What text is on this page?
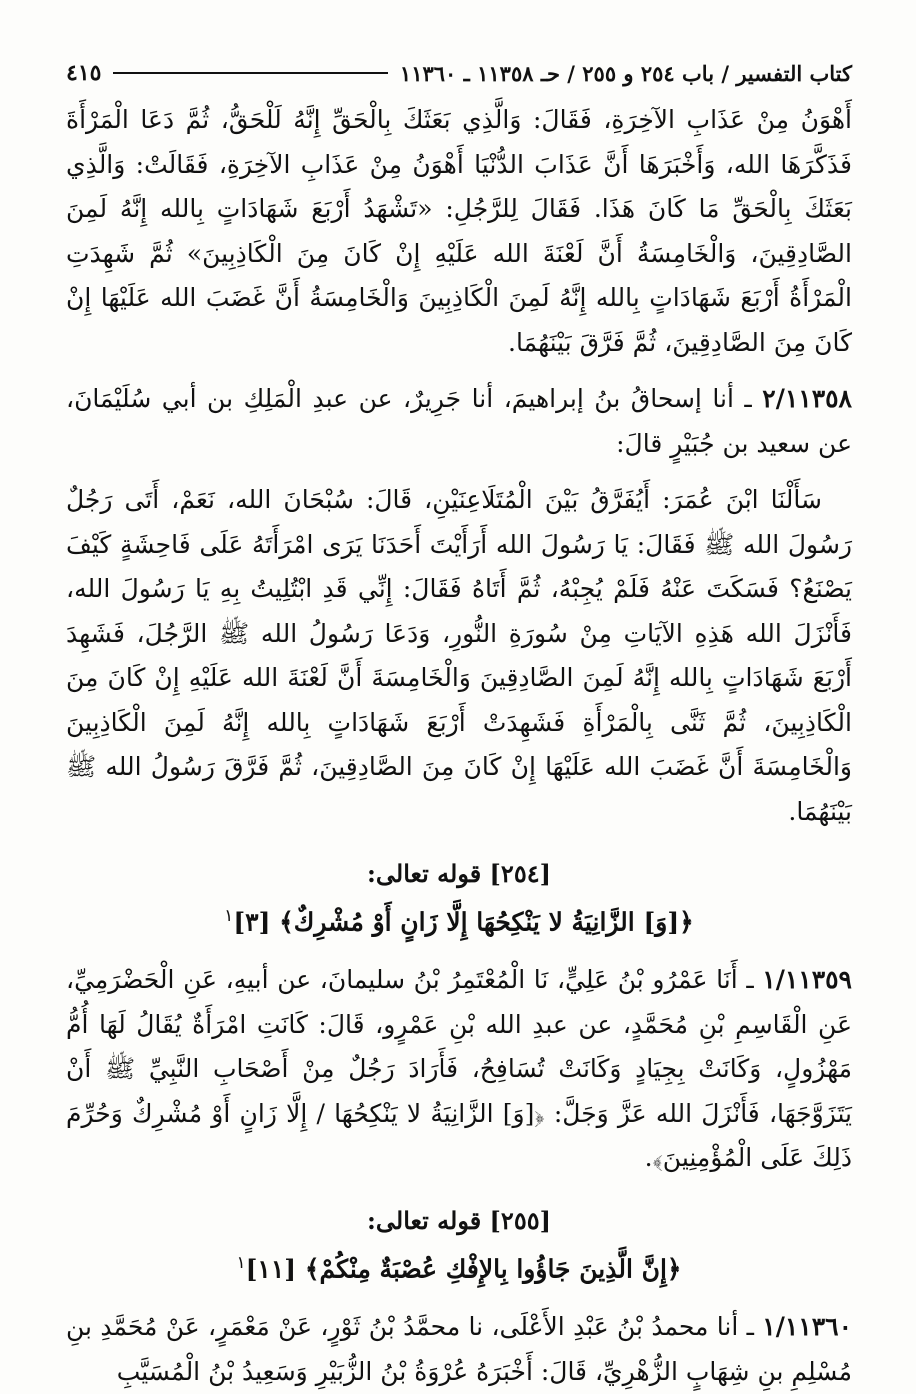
كتاب التفسير / باب ٢٥٤ و ٢٥٥ / حـ ١١٣٥٨ ـ ١١٣٦٠
٤١٥

أَهْوَنُ مِنْ عَذَابِ الآخِرَةِ، فَقَالَ: وَالَّذِي بَعَثَكَ بِالْحَقِّ إِنَّهُ لَلْحَقُّ، ثُمَّ دَعَا الْمَرْأَةَ فَذَكَّرَهَا الله، وَأَخْبَرَهَا أَنَّ عَذَابَ الدُّنْيَا أَهْوَنُ مِنْ عَذَابِ الآخِرَةِ، فَقَالَتْ: وَالَّذِي بَعَثَكَ بِالْحَقِّ مَا كَانَ هَذَا. فَقَالَ لِلرَّجُلِ: «تَشْهَدُ أَرْبَعَ شَهَادَاتٍ بِالله إِنَّهُ لَمِنَ الصَّادِقِينَ، وَالْخَامِسَةُ أَنَّ لَعْنَةَ الله عَلَيْهِ إِنْ كَانَ مِنَ الْكَاذِبِينَ» ثُمَّ شَهِدَتِ الْمَرْأَةُ أَرْبَعَ شَهَادَاتٍ بِالله إِنَّهُ لَمِنَ الْكَاذِبِينَ وَالْخَامِسَةُ أَنَّ غَضَبَ الله عَلَيْهَا إِنْ كَانَ مِنَ الصَّادِقِينَ، ثُمَّ فَرَّقَ بَيْنَهُمَا.

٢/١١٣٥٨ ـ أنا إسحاقُ بنُ إبراهيمَ، أنا جَرِيرٌ، عن عبدِ الْمَلِكِ بن أبي سُلَيْمَانَ، عن سعيد بن جُبَيْرٍ قالَ:

سَأَلْنَا ابْنَ عُمَرَ: أَيُفَرَّقُ بَيْنَ الْمُتَلَاعِنَيْنِ، قَالَ: سُبْحَانَ الله، نَعَمْ، أَتَى رَجُلٌ رَسُولَ الله ﷺ فَقَالَ: يَا رَسُولَ الله أَرَأَيْتَ أَحَدَنَا يَرَى امْرَأَتَهُ عَلَى فَاحِشَةٍ كَيْفَ يَصْنَعُ؟ فَسَكَتَ عَنْهُ فَلَمْ يُجِبْهُ، ثُمَّ أَتَاهُ فَقَالَ: إِنِّي قَدِ ابْتُلِيتُ بِهِ يَا رَسُولَ الله، فَأَنْزَلَ الله هَذِهِ الآيَاتِ مِنْ سُورَةِ النُّورِ، وَدَعَا رَسُولُ الله ﷺ الرَّجُلَ، فَشَهِدَ أَرْبَعَ شَهَادَاتٍ بِالله إِنَّهُ لَمِنَ الصَّادِقِينَ وَالْخَامِسَةَ أَنَّ لَعْنَةَ الله عَلَيْهِ إِنْ كَانَ مِنَ الْكَاذِبِينَ، ثُمَّ ثَنَّى بِالْمَرْأَةِ فَشَهِدَتْ أَرْبَعَ شَهَادَاتٍ بِالله إِنَّهُ لَمِنَ الْكَاذِبِينَ وَالْخَامِسَةَ أَنَّ غَضَبَ الله عَلَيْهَا إِنْ كَانَ مِنَ الصَّادِقِينَ، ثُمَّ فَرَّقَ رَسُولُ الله ﷺ بَيْنَهُمَا.

[٢٥٤] قوله تعالى:
﴿[وَ] الزَّانِيَةُ لا يَنْكِحُهَا إِلَّا زَانٍ أَوْ مُشْرِكٌ﴾ [٣]$^١$

١/١١٣٥٩ ـ أَنَا عَمْرُو بْنُ عَلِيٍّ، نَا الْمُعْتَمِرُ بْنُ سليمانَ، عن أبيهِ، عَنِ الْحَضْرَمِيِّ، عَنِ الْقَاسِمِ بْنِ مُحَمَّدٍ، عن عبدِ الله بْنِ عَمْرٍو، قَالَ: كَانَتِ امْرَأَةٌ يُقَالُ لَهَا أُمُّ مَهْزُولٍ، وَكَانَتْ بِجِيَادٍ وَكَانَتْ تُسَافِحُ، فَأَرَادَ رَجُلٌ مِنْ أَصْحَابِ النَّبِيِّ ﷺ أَنْ يَتَزَوَّجَهَا، فَأَنْزَلَ الله عَزَّ وَجَلَّ: ﴿[وَ] الزَّانِيَةُ لا يَنْكِحُهَا / إِلَّا زَانٍ أَوْ مُشْرِكٌ وَحُرِّمَ ذَلِكَ عَلَى الْمُؤْمِنِينَ﴾.

[٢٥٥] قوله تعالى:
﴿إِنَّ الَّذِينَ جَاؤُوا بِالإِفْكِ عُصْبَةٌ مِنْكُمْ﴾ [١١]$^١$

١/١١٣٦٠ ـ أنا محمدُ بْنُ عَبْدِ الأَعْلَى، نا محمَّدُ بْنُ ثَوْرٍ، عَنْ مَعْمَرٍ، عَنْ مُحَمَّدِ بنِ مُسْلِمِ بنِ شِهَابٍ الزُّهْرِيِّ، قَالَ: أَخْبَرَهُ عُرْوَةُ بْنُ الزُّبَيْرِ وَسَعِيدُ بْنُ الْمُسَيَّبِ
